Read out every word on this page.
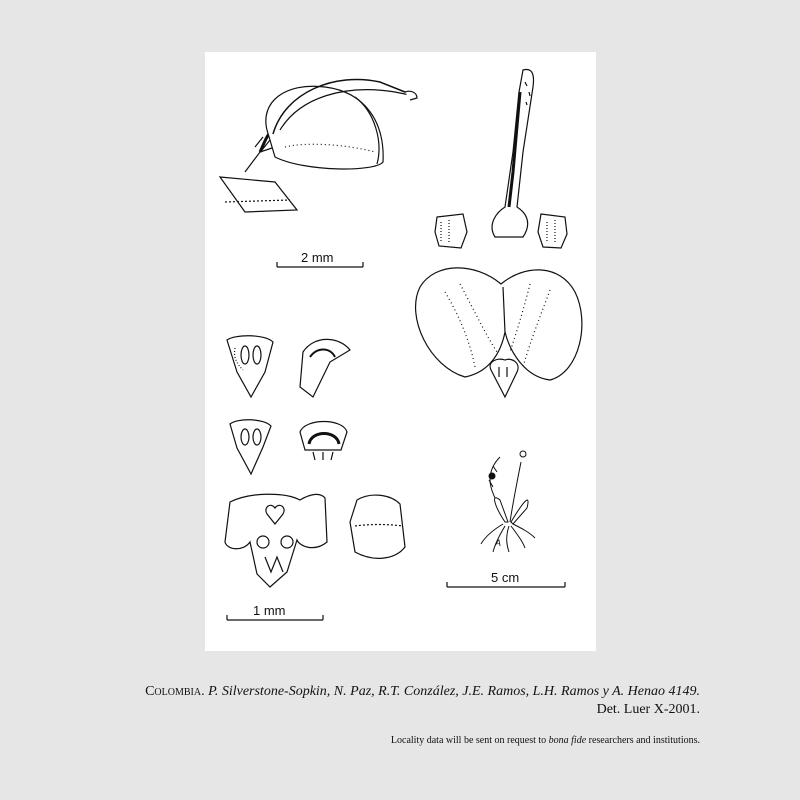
2 mm
1 mm
5 cm
A
Colombia. P. Silverstone-Sopkin, N. Paz, R.T. Conzález, J.E. Ramos, L.H. Ramos y A. Henao 4149.
Det. Luer X-2001.
Locality data will be sent on request to bona fide researchers and institutions.
